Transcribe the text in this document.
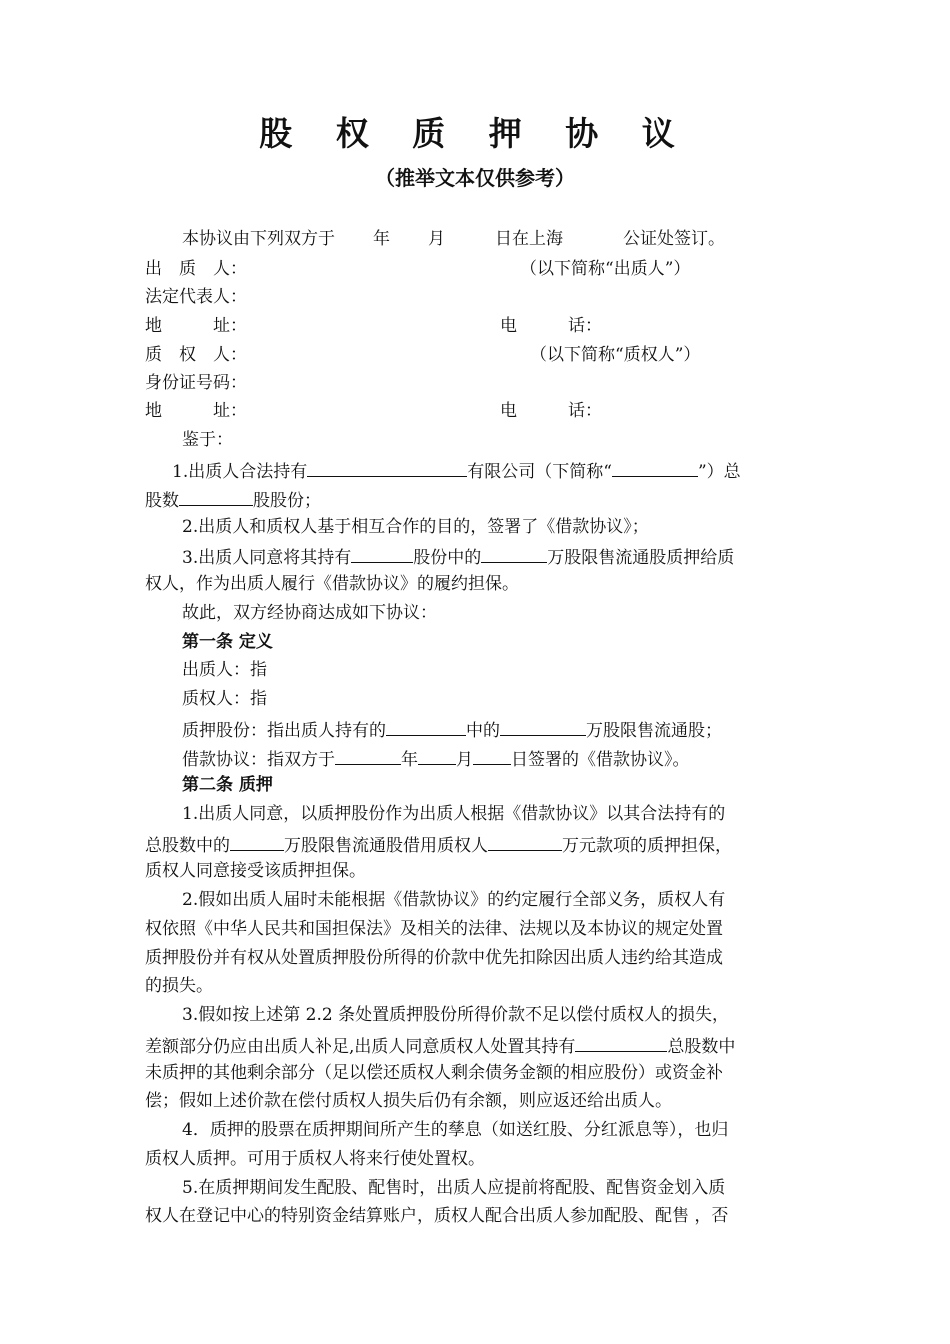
股 权 质 押 协 议
（推举文本仅供参考）
本协议由下列双方于 年 月	日在上海	公证处签订。
出　质　人：	（以下简称“出质人”）
法定代表人：
地　　　址：	电　　　话：
质　权　人：	（以下简称“质权人”）
身份证号码：
地　　　址：	电　　　话：
鉴于：
1.出质人合法持有	有限公司（下简称“	”）总
股数	股股份；
2.出质人和质权人基于相互合作的目的，签署了《借款协议》；
3.出质人同意将其持有	股份中的	万股限售流通股质押给质
权人，作为出质人履行《借款协议》的履约担保。
故此，双方经协商达成如下协议：
第一条 定义
出质人：指
质权人：指
质押股份：指出质人持有的	中的	万股限售流通股；
借款协议：指双方于	年 月 日签署的《借款协议》。
第二条 质押
1.出质人同意，以质押股份作为出质人根据《借款协议》以其合法持有的
总股数中的	万股限售流通股借用质权人	万元款项的质押担保，
质权人同意接受该质押担保。
2.假如出质人届时未能根据《借款协议》的约定履行全部义务，质权人有
权依照《中华人民共和国担保法》及相关的法律、法规以及本协议的规定处置
质押股份并有权从处置质押股份所得的价款中优先扣除因出质人违约给其造成
的损失。
3.假如按上述第 2.2 条处置质押股份所得价款不足以偿付质权人的损失，
差额部分仍应由出质人补足,出质人同意质权人处置其持有	总股数中
未质押的其他剩余部分（足以偿还质权人剩余债务金额的相应股份）或资金补
偿；假如上述价款在偿付质权人损失后仍有余额，则应返还给出质人。
4．质押的股票在质押期间所产生的孳息（如送红股、分红派息等），也归
质权人质押。可用于质权人将来行使处置权。
5.在质押期间发生配股、配售时，出质人应提前将配股、配售资金划入质
权人在登记中心的特别资金结算账户，质权人配合出质人参加配股、配售 ，否
